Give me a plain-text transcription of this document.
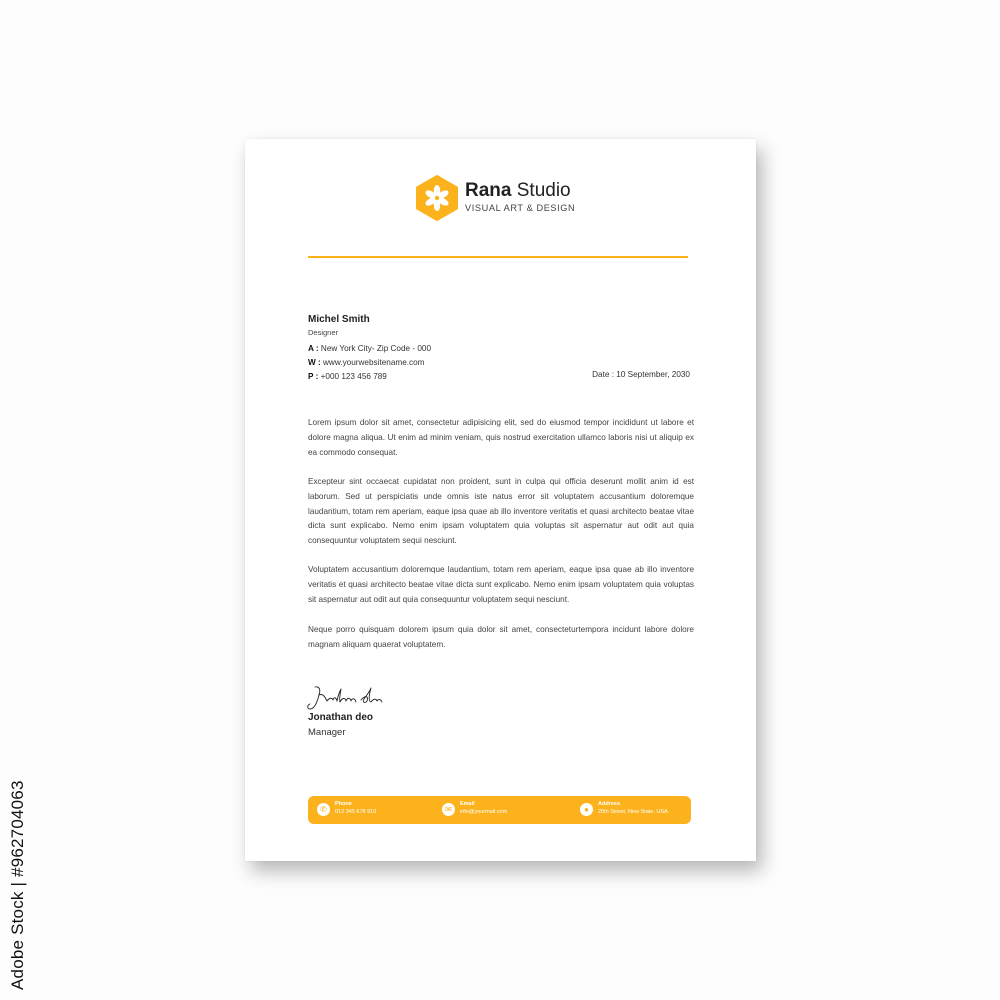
Adobe Stock | #962704063
Rana Studio
VISUAL ART & DESIGN
Michel Smith
Designer
A : New York City- Zip Code - 000
W : www.yourwebsitename.com
P : +000 123 456 789	Date : 10 September, 2030

Lorem ipsum dolor sit amet, consectetur adipisicing elit, sed do eiusmod tempor incididunt ut labore et dolore magna aliqua. Ut enim ad minim veniam, quis nostrud exercitation ullamco laboris nisi ut aliquip ex ea commodo consequat.

Excepteur sint occaecat cupidatat non proident, sunt in culpa qui officia deserunt mollit anim id est laborum. Sed ut perspiciatis unde omnis iste natus error sit voluptatem accusantium doloremque laudantium, totam rem aperiam, eaque ipsa quae ab illo inventore veritatis et quasi architecto beatae vitae dicta sunt explicabo. Nemo enim ipsam voluptatem quia voluptas sit aspernatur aut odit aut quia consequuntur voluptatem sequi nesciunt.

Voluptatem accusantium doloremque laudantium, totam rem aperiam, eaque ipsa quae ab illo inventore veritatis et quasi architecto beatae vitae dicta sunt explicabo. Nemo enim ipsam voluptatem quia voluptas sit aspernatur aut odit aut quia consequuntur voluptatem sequi nesciunt.

Neque porro quisquam dolorem ipsum quia dolor sit amet, consecteturtempora incidunt labore dolore magnam aliquam quaerat voluptatem.

Jonathan deo
Manager
✆
Phone
012 345 678 910	✉
Email
info@yourmail.com	●
Address
20th Street, New State, USA.
